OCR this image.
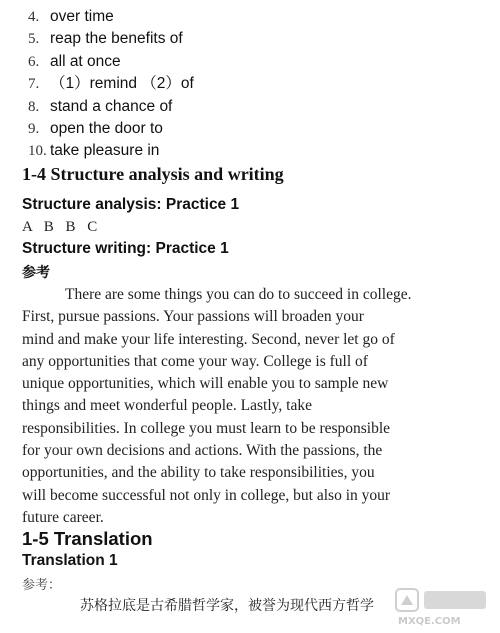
4. over time
5. reap the benefits of
6. all at once
7. （1）remind （2）of
8. stand a chance of
9. open the door to
10. take pleasure in
1-4 Structure analysis and writing
Structure analysis: Practice 1
A B B C
Structure writing: Practice 1
参考
There are some things you can do to succeed in college.
First, pursue passions. Your passions will broaden your
mind and make your life interesting. Second, never let go of
any opportunities that come your way. College is full of
unique opportunities, which will enable you to sample new
things and meet wonderful people. Lastly, take
responsibilities. In college you must learn to be responsible
for your own decisions and actions. With the passions, the
opportunities, and the ability to take responsibilities, you
will become successful not only in college, but also in your
future career.
1-5 Translation
Translation 1
参考：
苏格拉底是古希腊哲学家，被誉为现代西方哲学
MXQE.COM
